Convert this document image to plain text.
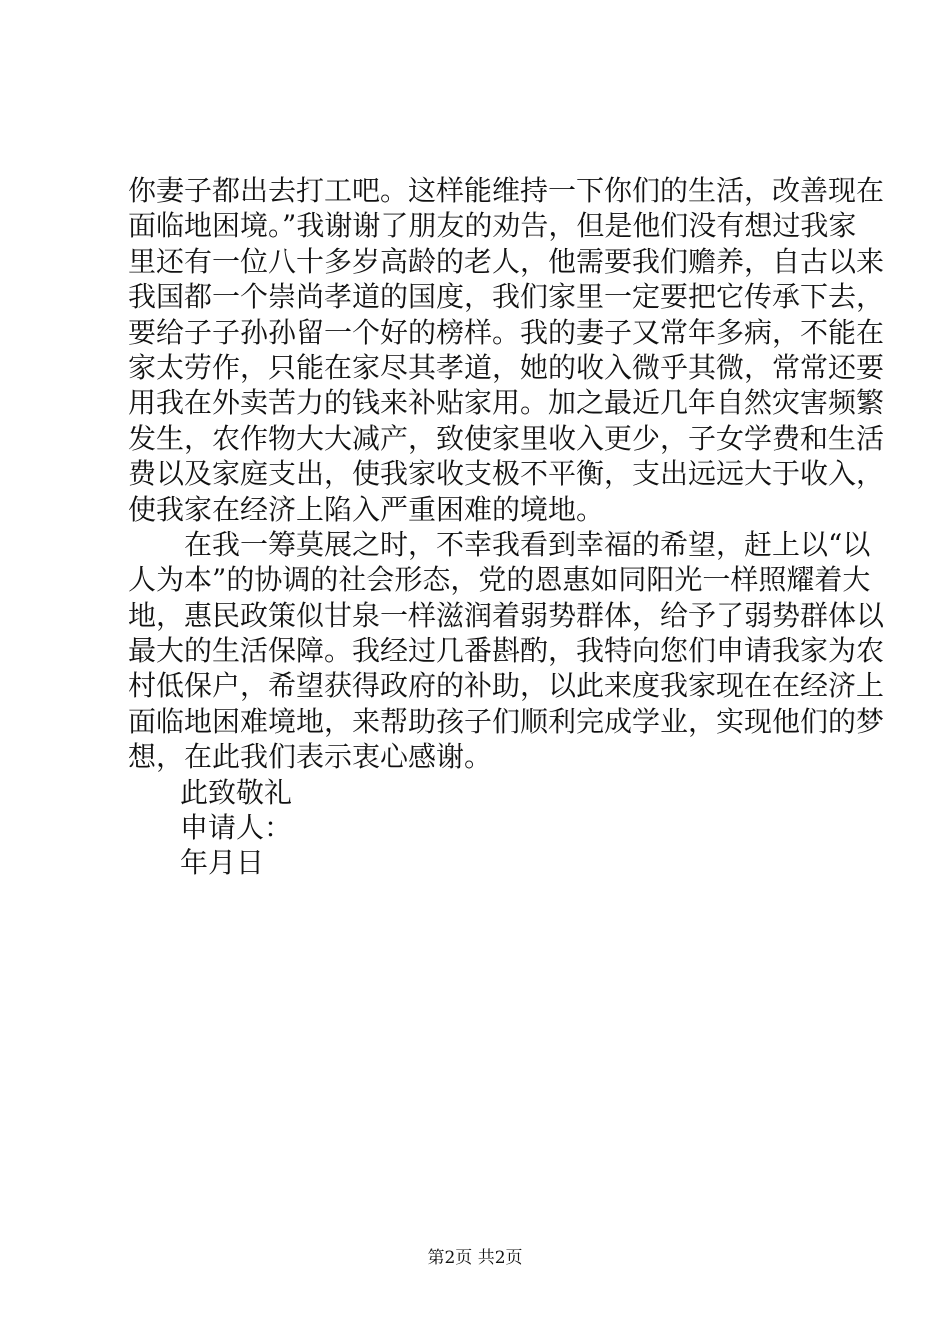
你妻子都出去打工吧。这样能维持一下你们的生活，改善现在
面临地困境。”我谢谢了朋友的劝告，但是他们没有想过我家
里还有一位八十多岁高龄的老人，他需要我们赡养，自古以来
我国都一个崇尚孝道的国度，我们家里一定要把它传承下去，
要给子子孙孙留一个好的榜样。我的妻子又常年多病，不能在
家太劳作，只能在家尽其孝道，她的收入微乎其微，常常还要
用我在外卖苦力的钱来补贴家用。加之最近几年自然灾害频繁
发生，农作物大大减产，致使家里收入更少，子女学费和生活
费以及家庭支出，使我家收支极不平衡，支出远远大于收入，
使我家在经济上陷入严重困难的境地。
在我一筹莫展之时，不幸我看到幸福的希望，赶上以“以
人为本”的协调的社会形态，党的恩惠如同阳光一样照耀着大
地，惠民政策似甘泉一样滋润着弱势群体，给予了弱势群体以
最大的生活保障。我经过几番斟酌，我特向您们申请我家为农
村低保户，希望获得政府的补助，以此来度我家现在在经济上
面临地困难境地，来帮助孩子们顺利完成学业，实现他们的梦
想，在此我们表示衷心感谢。
此致敬礼
申请人：
年月日
第2页 共2页
